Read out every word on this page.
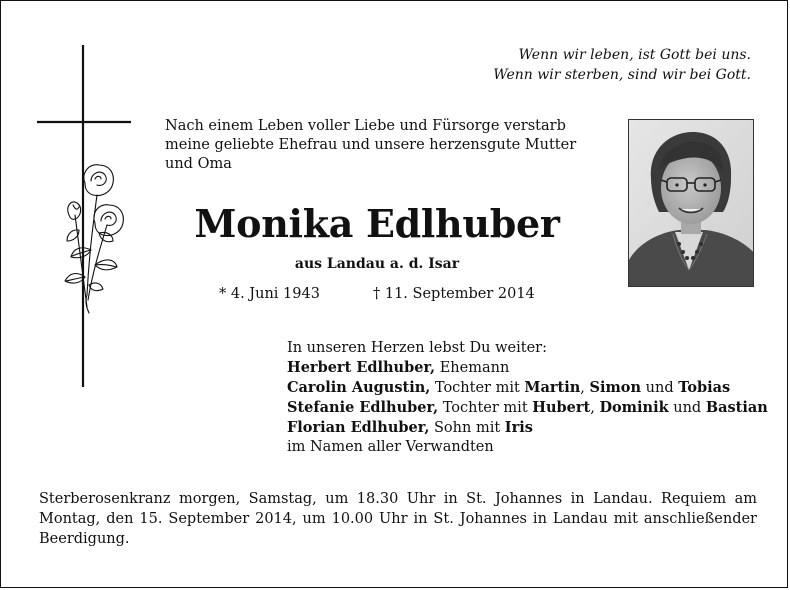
Wenn wir leben, ist Gott bei uns.
Wenn wir sterben, sind wir bei Gott.
Nach einem Leben voller Liebe und Fürsorge verstarb meine geliebte Ehefrau und unsere herzensgute Mutter und Oma
Monika Edlhuber
aus Landau a. d. Isar
* 4. Juni 1943	† 11. September 2014
In unseren Herzen lebst Du weiter:
Herbert Edlhuber, Ehemann
Carolin Augustin, Tochter mit Martin, Simon und Tobias
Stefanie Edlhuber, Tochter mit Hubert, Dominik und Bastian
Florian Edlhuber, Sohn mit Iris
im Namen aller Verwandten
Sterberosenkranz morgen, Samstag, um 18.30 Uhr in St. Johannes in Landau. Requiem am Montag, den 15. September 2014, um 10.00 Uhr in St. Johannes in Landau mit anschließender Beerdigung.
